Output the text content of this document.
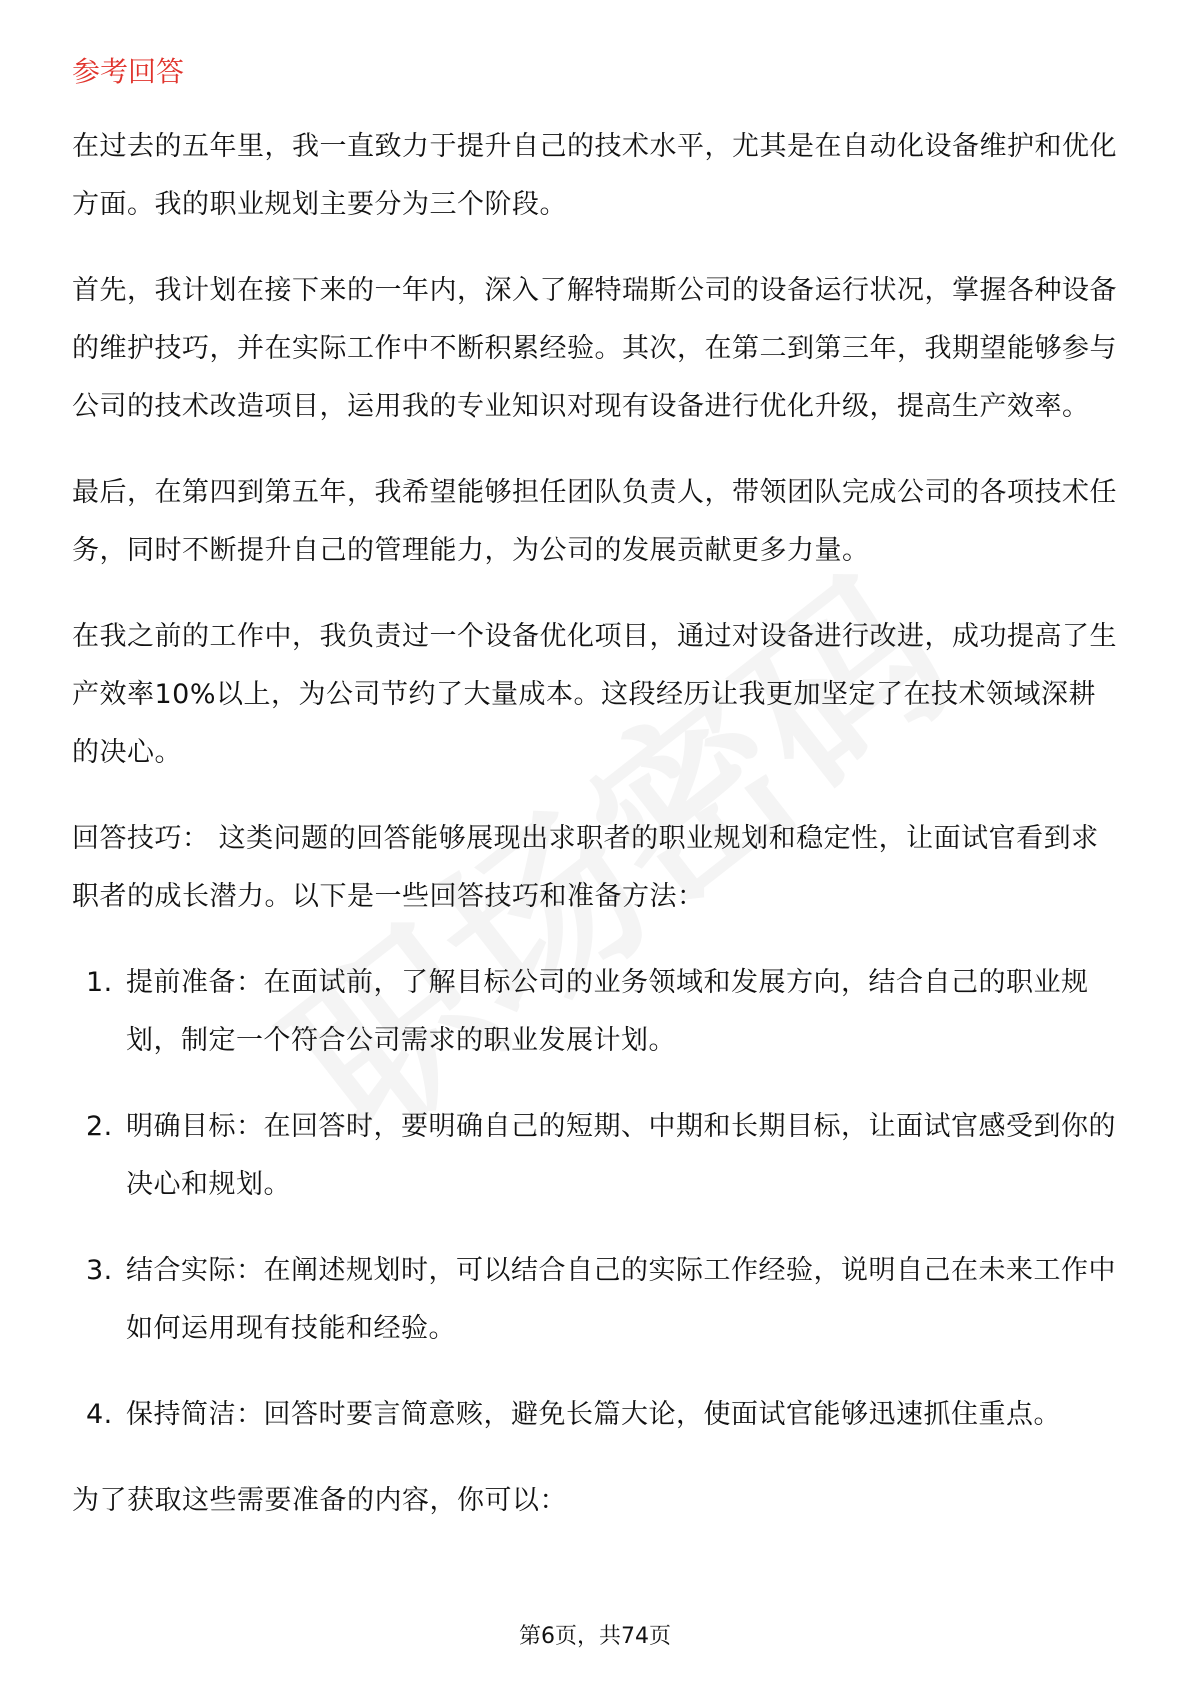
参考回答

在过去的五年里，我一直致力于提升自己的技术水平，尤其是在自动化设备维护和优化方面。我的职业规划主要分为三个阶段。

首先，我计划在接下来的一年内，深入了解特瑞斯公司的设备运行状况，掌握各种设备的维护技巧，并在实际工作中不断积累经验。其次，在第二到第三年，我期望能够参与公司的技术改造项目，运用我的专业知识对现有设备进行优化升级，提高生产效率。

最后，在第四到第五年，我希望能够担任团队负责人，带领团队完成公司的各项技术任务，同时不断提升自己的管理能力，为公司的发展贡献更多力量。

在我之前的工作中，我负责过一个设备优化项目，通过对设备进行改进，成功提高了生产效率10%以上，为公司节约了大量成本。这段经历让我更加坚定了在技术领域深耕的决心。

回答技巧： 这类问题的回答能够展现出求职者的职业规划和稳定性，让面试官看到求职者的成长潜力。以下是一些回答技巧和准备方法：

1. 提前准备：在面试前，了解目标公司的业务领域和发展方向，结合自己的职业规划，制定一个符合公司需求的职业发展计划。
2. 明确目标：在回答时，要明确自己的短期、中期和长期目标，让面试官感受到你的决心和规划。
3. 结合实际：在阐述规划时，可以结合自己的实际工作经验，说明自己在未来工作中如何运用现有技能和经验。
4. 保持简洁：回答时要言简意赅，避免长篇大论，使面试官能够迅速抓住重点。

为了获取这些需要准备的内容，你可以：

第6页，共74页
